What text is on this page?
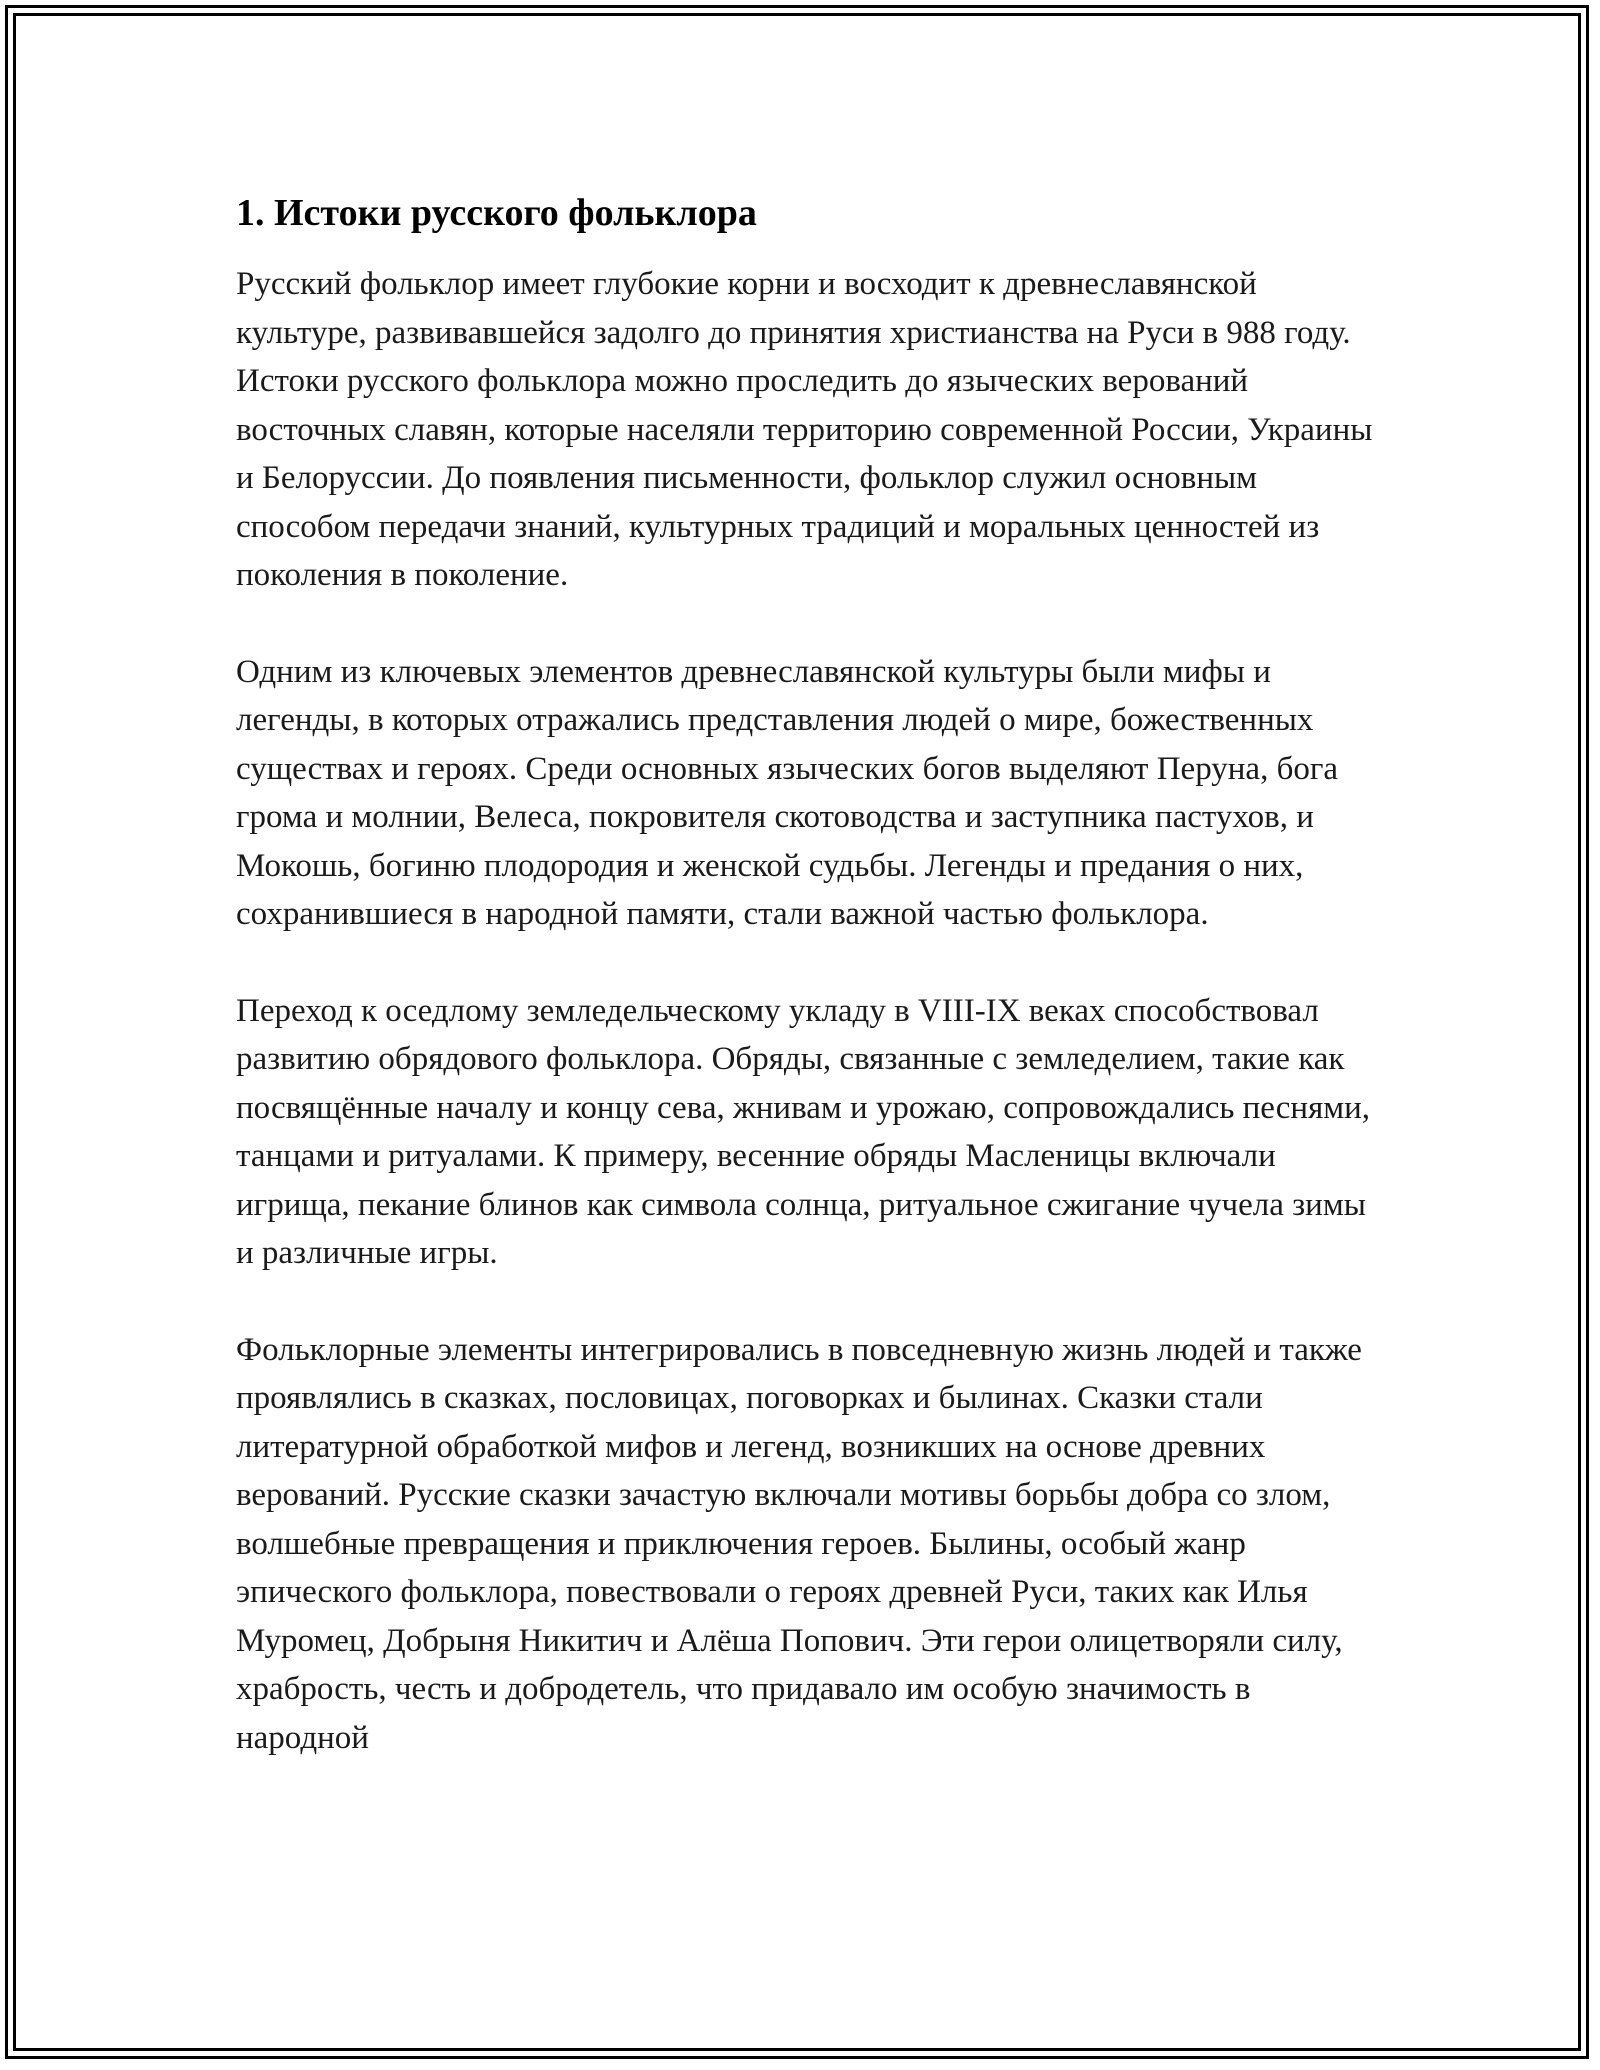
1. Истоки русского фольклора

Русский фольклор имеет глубокие корни и восходит к древнеславянской культуре, развивавшейся задолго до принятия христианства на Руси в 988 году. Истоки русского фольклора можно проследить до языческих верований восточных славян, которые населяли территорию современной России, Украины и Белоруссии. До появления письменности, фольклор служил основным способом передачи знаний, культурных традиций и моральных ценностей из поколения в поколение.

Одним из ключевых элементов древнеславянской культуры были мифы и легенды, в которых отражались представления людей о мире, божественных существах и героях. Среди основных языческих богов выделяют Перуна, бога грома и молнии, Велеса, покровителя скотоводства и заступника пастухов, и Мокошь, богиню плодородия и женской судьбы. Легенды и предания о них, сохранившиеся в народной памяти, стали важной частью фольклора.

Переход к оседлому земледельческому укладу в VIII-IX веках способствовал развитию обрядового фольклора. Обряды, связанные с земледелием, такие как посвящённые началу и концу сева, жнивам и урожаю, сопровождались песнями, танцами и ритуалами. К примеру, весенние обряды Масленицы включали игрища, пекание блинов как символа солнца, ритуальное сжигание чучела зимы и различные игры.

Фольклорные элементы интегрировались в повседневную жизнь людей и также проявлялись в сказках, пословицах, поговорках и былинах. Сказки стали литературной обработкой мифов и легенд, возникших на основе древних верований. Русские сказки зачастую включали мотивы борьбы добра со злом, волшебные превращения и приключения героев. Былины, особый жанр эпического фольклора, повествовали о героях древней Руси, таких как Илья Муромец, Добрыня Никитич и Алёша Попович. Эти герои олицетворяли силу, храбрость, честь и добродетель, что придавало им особую значимость в народной
